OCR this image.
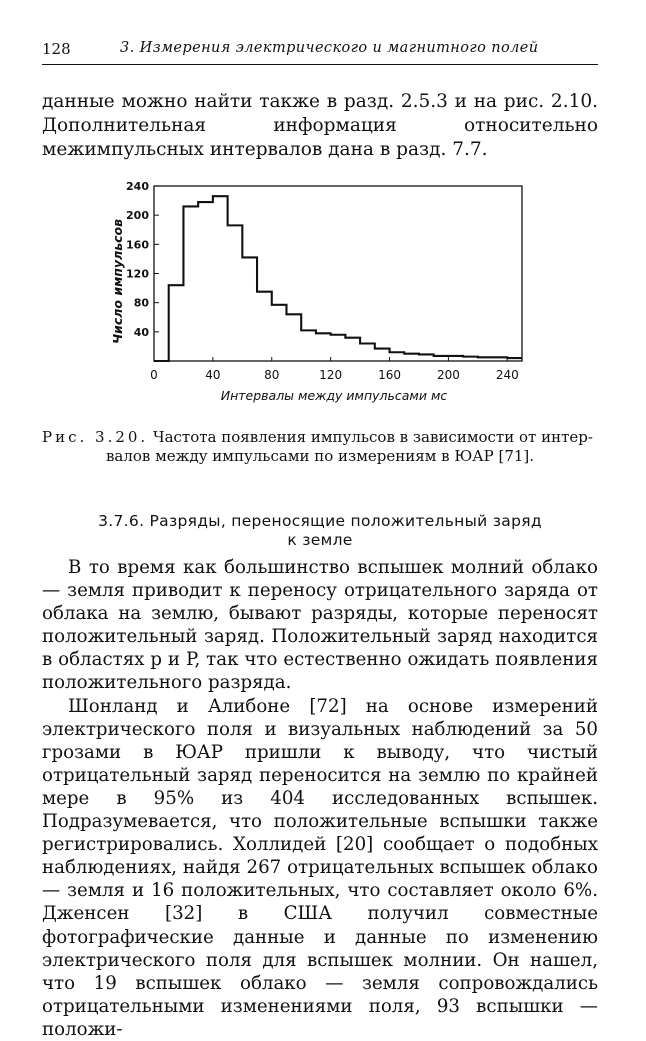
128	3. Измерения электрического и магнитного полей

данные можно найти также в разд. 2.5.3 и на рис. 2.10. Дополнительная информация относительно межимпульсных интервалов дана в разд. 7.7.

40
80
120
160
200
240
0	40	80	120	160	200	240
Число импульсов
Интервалы между импульсами мс
Рис. 3.20. Частота появления импульсов в зависимости от интер-
валов между импульсами по измерениям в ЮАР [71].
3.7.6. Разряды, переносящие положительный заряд
к земле

В то время как большинство вспышек молний облако— земля приводит к переносу отрицательного заряда от облака на землю, бывают разряды, которые переносят положительный заряд. Положительный заряд находится в областях p и P, так что естественно ожидать появления положительного разряда.

Шонланд и Алибоне [72] на основе измерений электрического поля и визуальных наблюдений за 50 грозами в ЮАР пришли к выводу, что чистый отрицательный заряд переносится на землю по крайней мере в 95% из 404 исследованных вспышек. Подразумевается, что положительные вспышки также регистрировались. Холлидей [20] сообщает о подобных наблюдениях, найдя 267 отрицательных вспышек облако — земля и 16 положительных, что составляет около 6%. Дженсен [32] в США получил совместные фотографические данные и данные по изменению электрического поля для вспышек молнии. Он нашел, что 19 вспышек облако — земля сопровождались отрицательными изменениями поля, 93 вспышки — положи-
